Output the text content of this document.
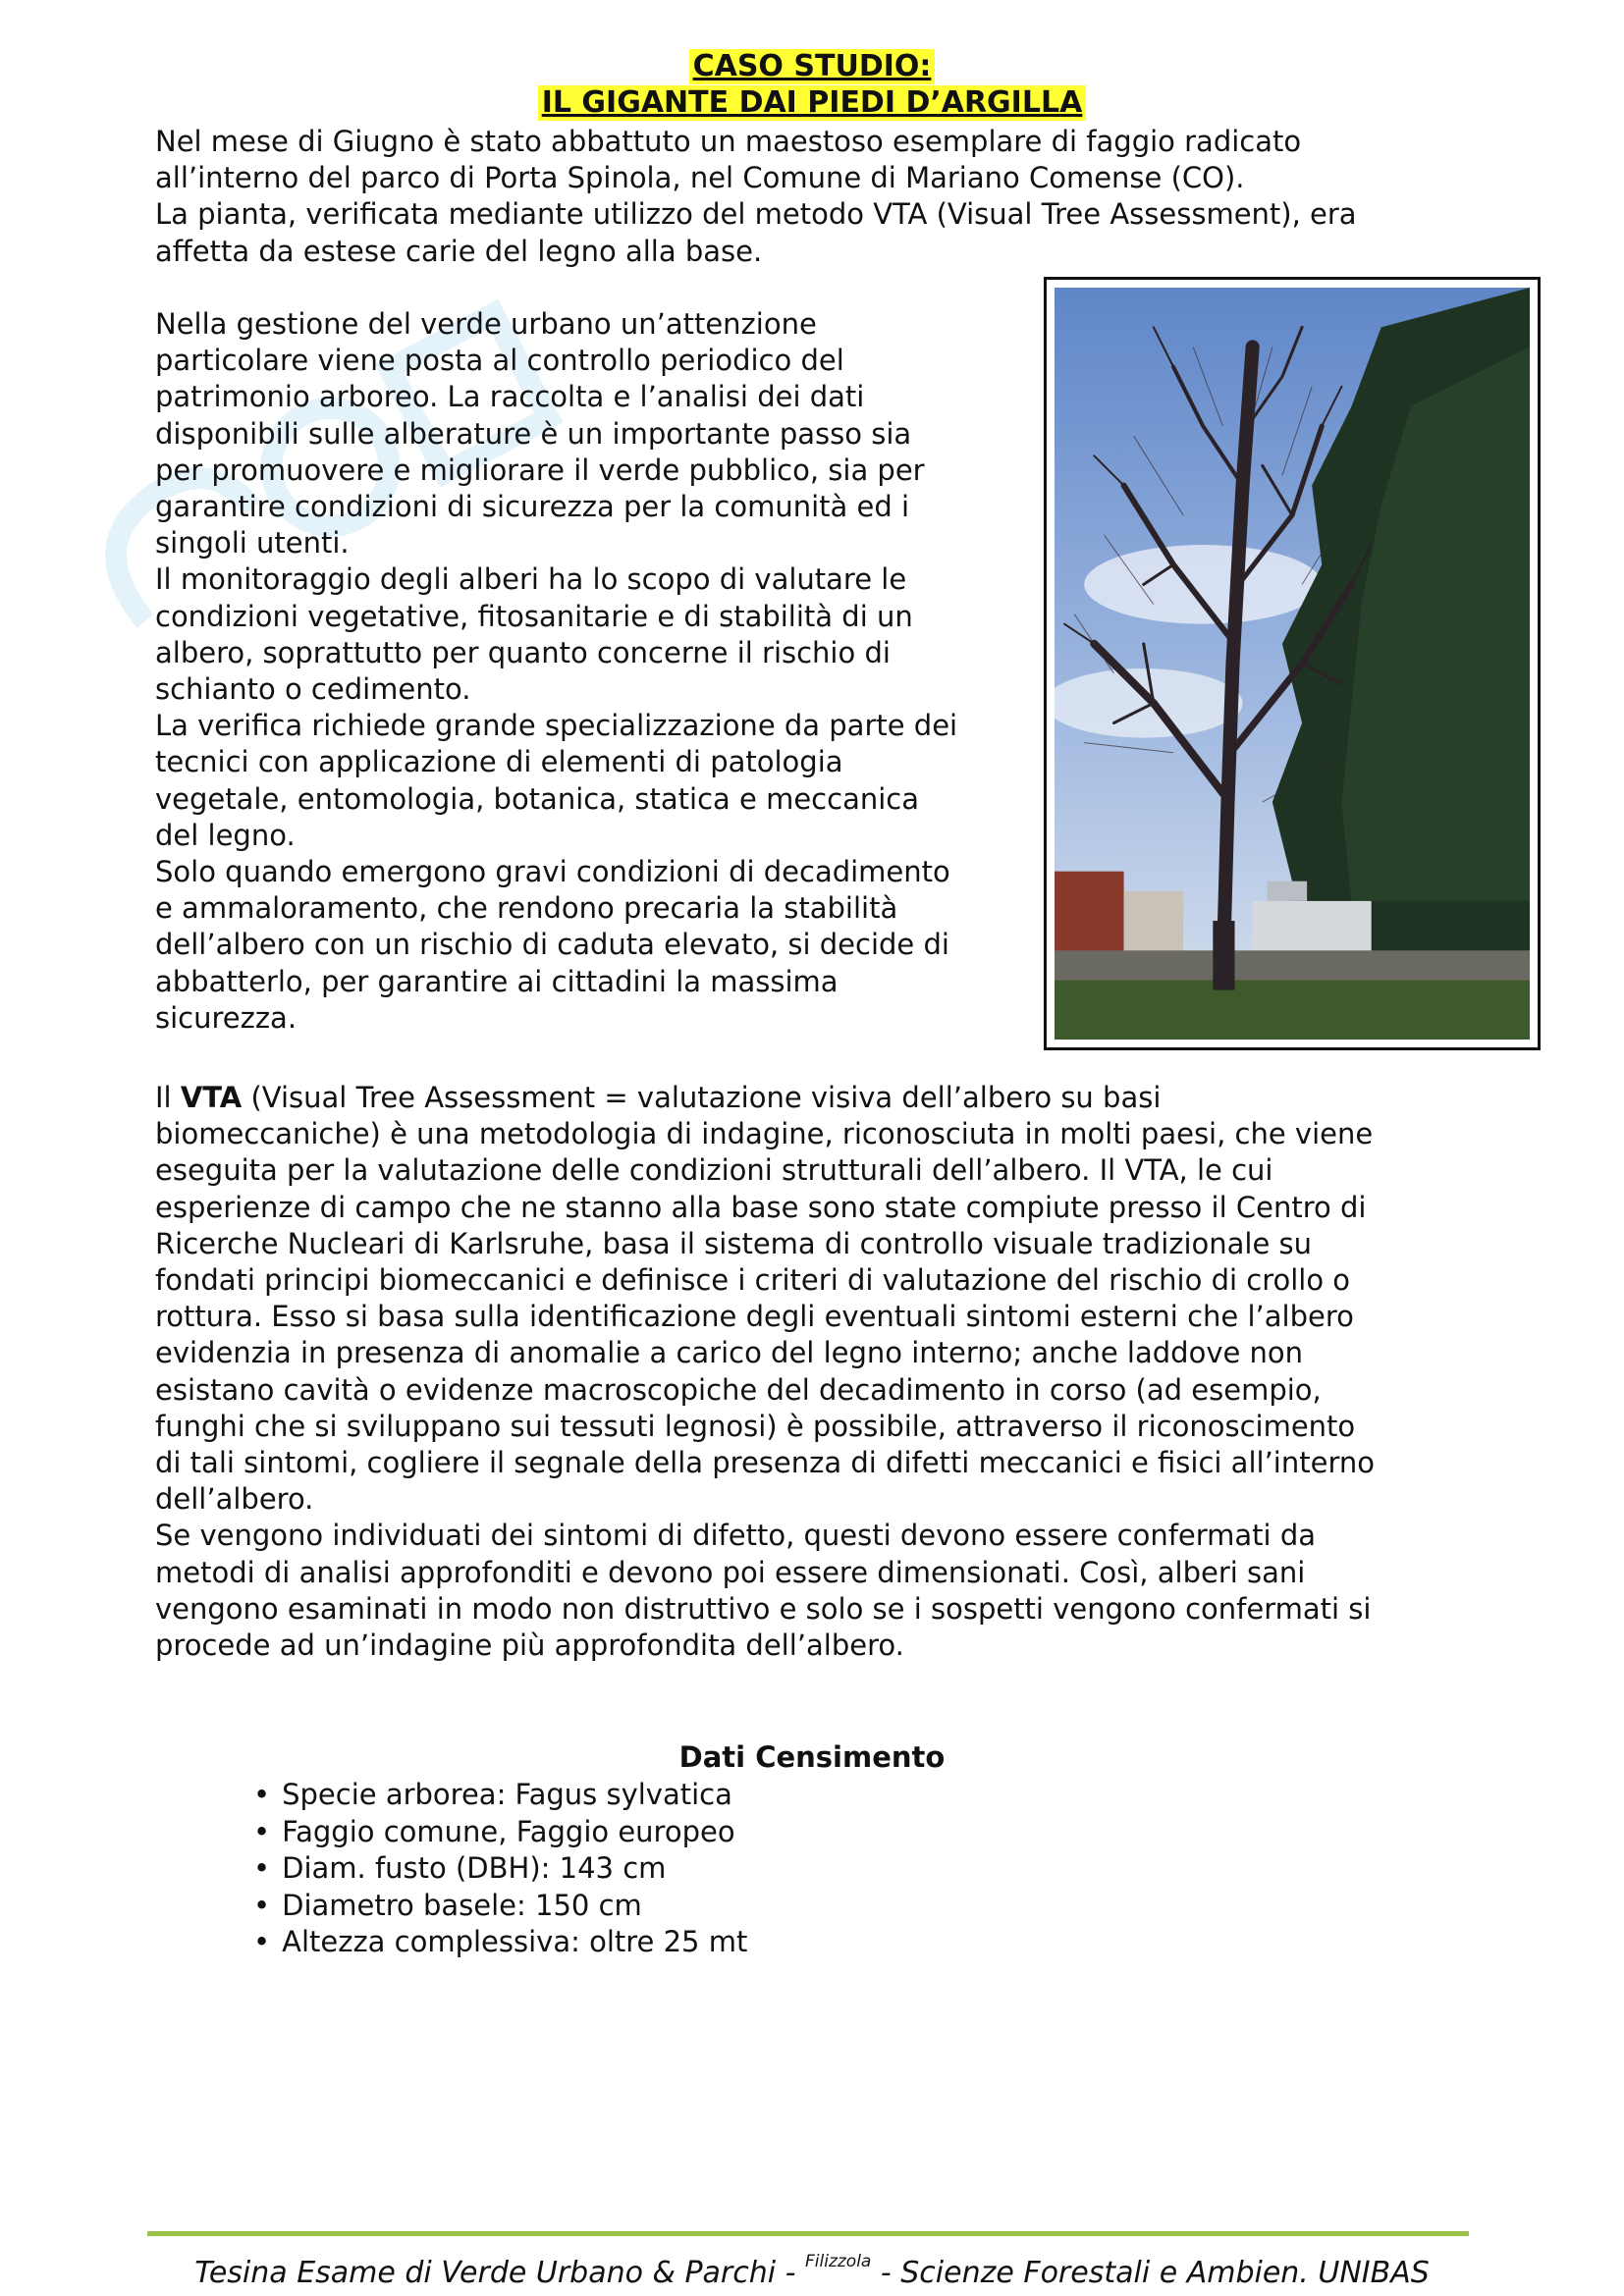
CASO STUDIO:
IL GIGANTE DAI PIEDI D’ARGILLA
Nel mese di Giugno è stato abbattuto un maestoso esemplare di faggio radicato
all’interno del parco di Porta Spinola, nel Comune di Mariano Comense (CO).
La pianta, verificata mediante utilizzo del metodo VTA (Visual Tree Assessment), era
affetta da estese carie del legno alla base.
Nella gestione del verde urbano un’attenzione
particolare viene posta al controllo periodico del
patrimonio arboreo. La raccolta e l’analisi dei dati
disponibili sulle alberature è un importante passo sia
per promuovere e migliorare il verde pubblico, sia per
garantire condizioni di sicurezza per la comunità ed i
singoli utenti.
Il monitoraggio degli alberi ha lo scopo di valutare le
condizioni vegetative, fitosanitarie e di stabilità di un
albero, soprattutto per quanto concerne il rischio di
schianto o cedimento.
La verifica richiede grande specializzazione da parte dei
tecnici con applicazione di elementi di patologia
vegetale, entomologia, botanica, statica e meccanica
del legno.
Solo quando emergono gravi condizioni di decadimento
e ammaloramento, che rendono precaria la stabilità
dell’albero con un rischio di caduta elevato, si decide di
abbatterlo, per garantire ai cittadini la massima
sicurezza.
Il VTA (Visual Tree Assessment = valutazione visiva dell’albero su basi
biomeccaniche) è una metodologia di indagine, riconosciuta in molti paesi, che viene
eseguita per la valutazione delle condizioni strutturali dell’albero. Il VTA, le cui
esperienze di campo che ne stanno alla base sono state compiute presso il Centro di
Ricerche Nucleari di Karlsruhe, basa il sistema di controllo visuale tradizionale su
fondati principi biomeccanici e definisce i criteri di valutazione del rischio di crollo o
rottura. Esso si basa sulla identificazione degli eventuali sintomi esterni che l’albero
evidenzia in presenza di anomalie a carico del legno interno; anche laddove non
esistano cavità o evidenze macroscopiche del decadimento in corso (ad esempio,
funghi che si sviluppano sui tessuti legnosi) è possibile, attraverso il riconoscimento
di tali sintomi, cogliere il segnale della presenza di difetti meccanici e fisici all’interno
dell’albero.
Se vengono individuati dei sintomi di difetto, questi devono essere confermati da
metodi di analisi approfonditi e devono poi essere dimensionati. Così, alberi sani
vengono esaminati in modo non distruttivo e solo se i sospetti vengono confermati si
procede ad un’indagine più approfondita dell’albero.
Dati Censimento
• Specie arborea: Fagus sylvatica
• Faggio comune, Faggio europeo
• Diam. fusto (DBH): 143 cm
• Diametro basele: 150 cm
• Altezza complessiva: oltre 25 mt
Tesina Esame di Verde Urbano & Parchi - $^{Filizzola}$ - Scienze Forestali e Ambien. UNIBAS
